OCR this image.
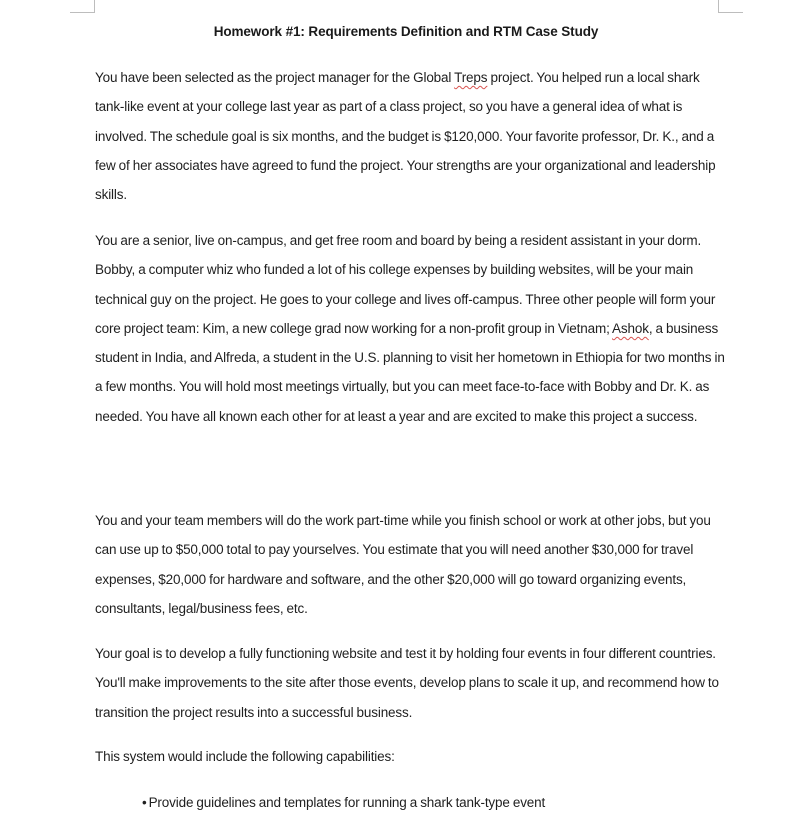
Homework #1: Requirements Definition and RTM Case Study

You have been selected as the project manager for the Global Treps project. You helped run a local shark tank-like event at your college last year as part of a class project, so you have a general idea of what is involved. The schedule goal is six months, and the budget is $120,000. Your favorite professor, Dr. K., and a few of her associates have agreed to fund the project. Your strengths are your organizational and leadership skills.

You are a senior, live on-campus, and get free room and board by being a resident assistant in your dorm. Bobby, a computer whiz who funded a lot of his college expenses by building websites, will be your main technical guy on the project. He goes to your college and lives off-campus. Three other people will form your core project team: Kim, a new college grad now working for a non-profit group in Vietnam; Ashok, a business student in India, and Alfreda, a student in the U.S. planning to visit her hometown in Ethiopia for two months in a few months. You will hold most meetings virtually, but you can meet face-to-face with Bobby and Dr. K. as needed. You have all known each other for at least a year and are excited to make this project a success.

You and your team members will do the work part-time while you finish school or work at other jobs, but you can use up to $50,000 total to pay yourselves. You estimate that you will need another $30,000 for travel expenses, $20,000 for hardware and software, and the other $20,000 will go toward organizing events, consultants, legal/business fees, etc.

Your goal is to develop a fully functioning website and test it by holding four events in four different countries. You'll make improvements to the site after those events, develop plans to scale it up, and recommend how to transition the project results into a successful business.

This system would include the following capabilities:

• Provide guidelines and templates for running a shark tank-type event
